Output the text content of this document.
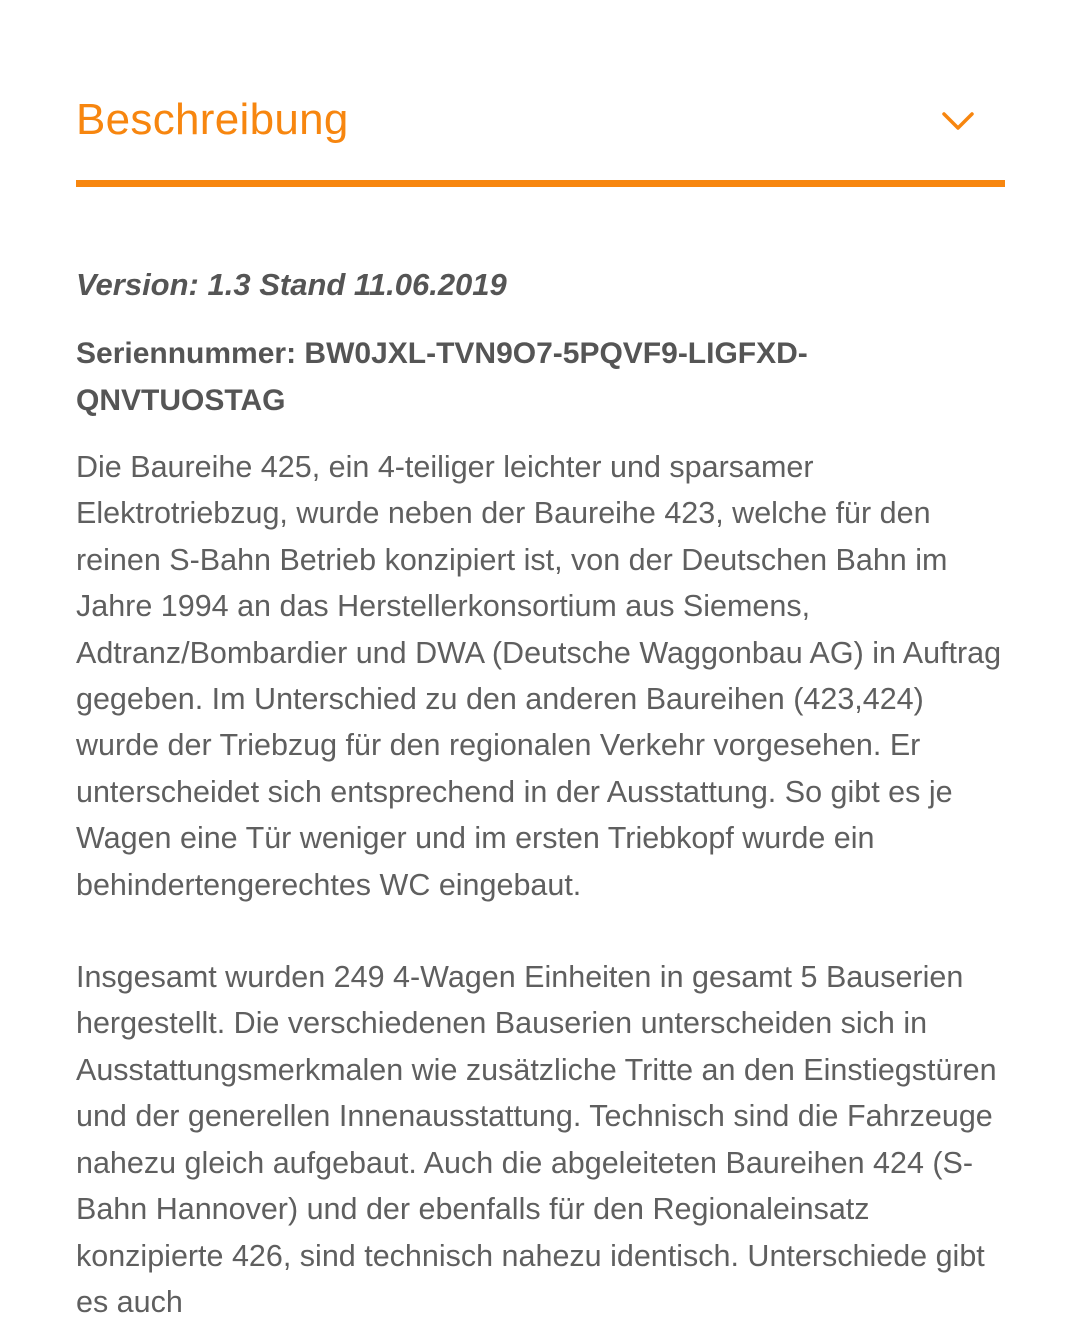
Beschreibung

Version: 1.3 Stand 11.06.2019

Seriennummer: BW0JXL-TVN9O7-5PQVF9-LIGFXD-QNVTUOSTAG

Die Baureihe 425, ein 4-teiliger leichter und sparsamer Elektrotriebzug, wurde neben der Baureihe 423, welche für den reinen S-Bahn Betrieb konzipiert ist, von der Deutschen Bahn im Jahre 1994 an das Herstellerkonsortium aus Siemens, Adtranz/Bombardier und DWA (Deutsche Waggonbau AG) in Auftrag gegeben. Im Unterschied zu den anderen Baureihen (423,424) wurde der Triebzug für den regionalen Verkehr vorgesehen. Er unterscheidet sich entsprechend in der Ausstattung. So gibt es je Wagen eine Tür weniger und im ersten Triebkopf wurde ein behindertengerechtes WC eingebaut.

Insgesamt wurden 249 4-Wagen Einheiten in gesamt 5 Bauserien hergestellt. Die verschiedenen Bauserien unterscheiden sich in Ausstattungsmerkmalen wie zusätzliche Tritte an den Einstiegstüren und der generellen Innenausstattung. Technisch sind die Fahrzeuge nahezu gleich aufgebaut. Auch die abgeleiteten Baureihen 424 (S-Bahn Hannover) und der ebenfalls für den Regionaleinsatz konzipierte 426, sind technisch nahezu identisch. Unterschiede gibt es auch
